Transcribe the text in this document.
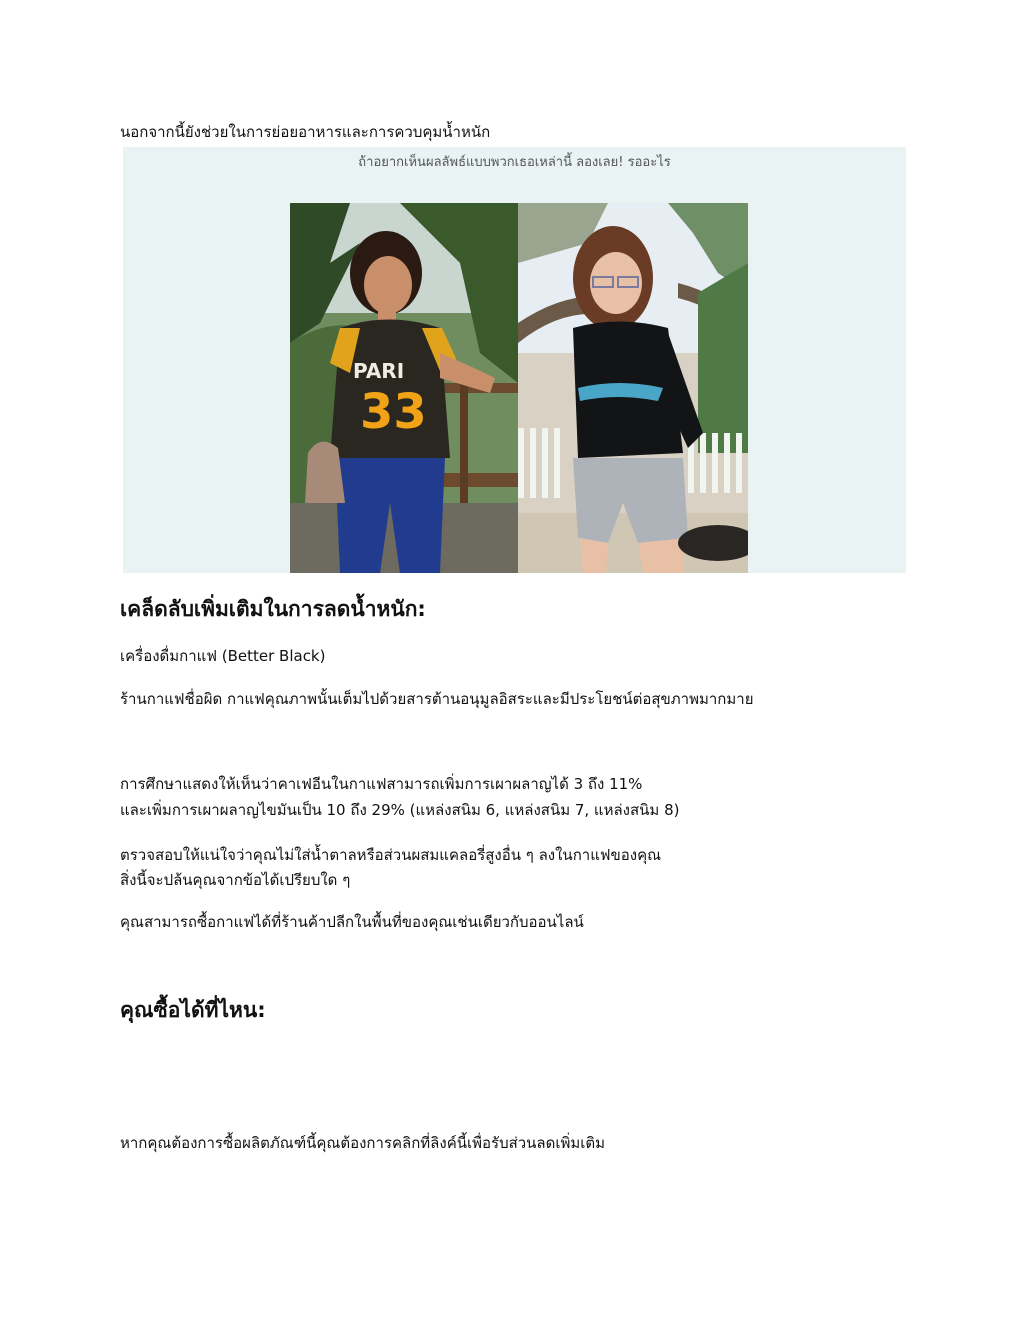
นอกจากนี้ยังช่วยในการย่อยอาหารและการควบคุมน้ำหนัก

ถ้าอยากเห็นผลลัพธ์แบบพวกเธอเหล่านี้ ลองเลย! รออะไร
PARI
33
เคล็ดลับเพิ่มเติมในการลดน้ำหนัก:

เครื่องดื่มกาแฟ (Better Black)

ร้านกาแฟชื่อผิด กาแฟคุณภาพนั้นเต็มไปด้วยสารต้านอนุมูลอิสระและมีประโยชน์ต่อสุขภาพมากมาย

การศึกษาแสดงให้เห็นว่าคาเฟอีนในกาแฟสามารถเพิ่มการเผาผลาญได้ 3 ถึง 11%

และเพิ่มการเผาผลาญไขมันเป็น 10 ถึง 29% (แหล่งสนิม 6, แหล่งสนิม 7, แหล่งสนิม 8)

ตรวจสอบให้แน่ใจว่าคุณไม่ใส่น้ำตาลหรือส่วนผสมแคลอรี่สูงอื่น ๆ ลงในกาแฟของคุณ

สิ่งนี้จะปล้นคุณจากข้อได้เปรียบใด ๆ

คุณสามารถซื้อกาแฟได้ที่ร้านค้าปลีกในพื้นที่ของคุณเช่นเดียวกับออนไลน์

คุณซื้อได้ที่ไหน:

หากคุณต้องการซื้อผลิตภัณฑ์นี้คุณต้องการคลิกที่ลิงค์นี้เพื่อรับส่วนลดเพิ่มเติม
